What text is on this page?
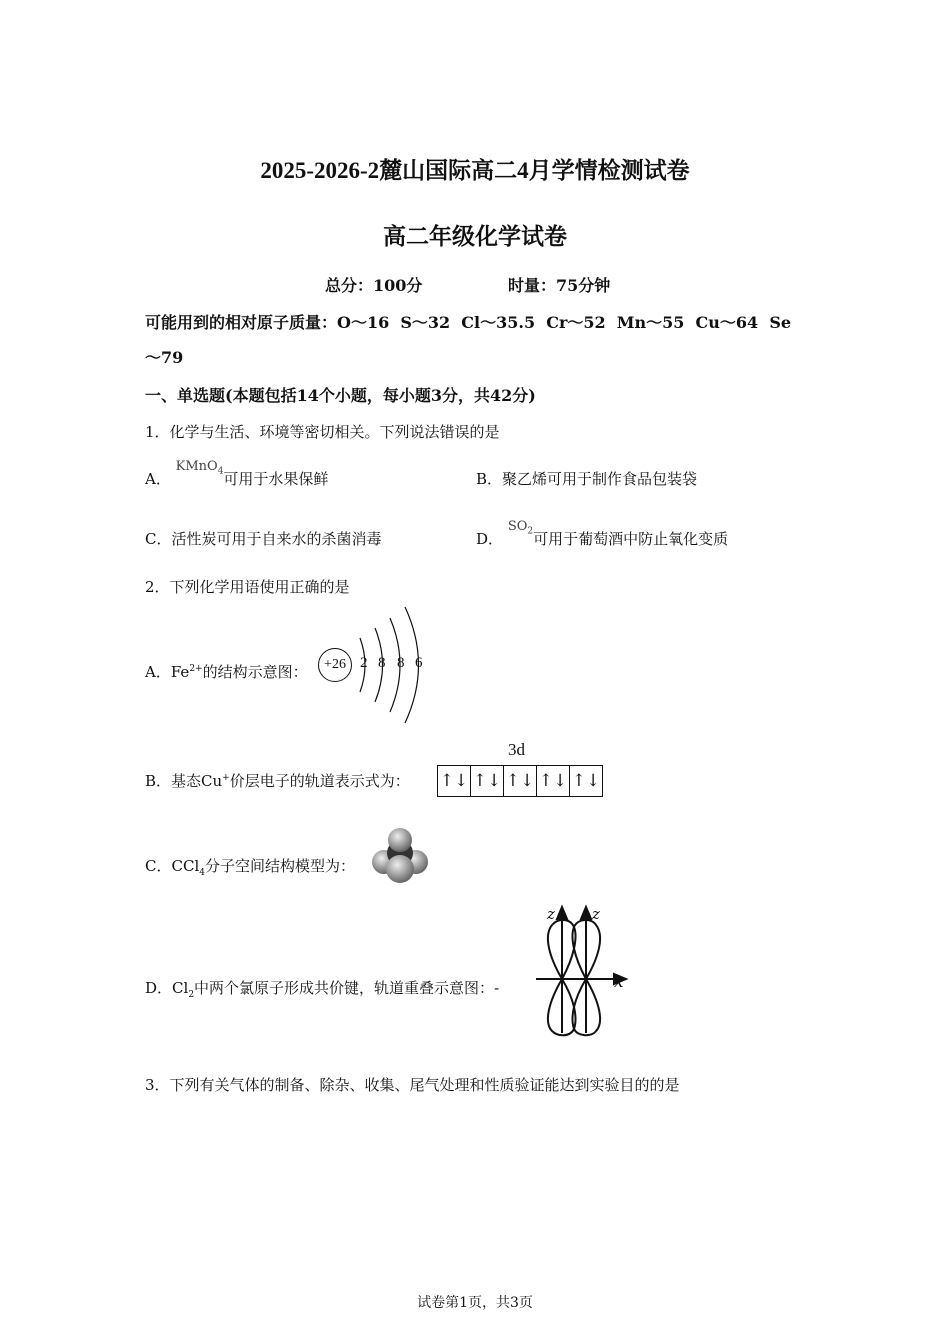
2025-2026-2麓山国际高二4月学情检测试卷
高二年级化学试卷
总分：100分	时量：75分钟
可能用到的相对原子质量：O～16  S～32  Cl～35.5  Cr～52  Mn～55  Cu～64  Se
～79
一、单选题(本题包括14个小题，每小题3分，共42分)
1．化学与生活、环境等密切相关。下列说法错误的是
A． KMnO$_4$可用于水果保鲜	B．聚乙烯可用于制作食品包装袋
C．活性炭可用于自来水的杀菌消毒	D． $SO_2$可用于葡萄酒中防止氧化变质
2．下列化学用语使用正确的是
A．$Fe^{2+}$的结构示意图：	+26 2 8 8 6
B．基态Cu+价层电子的轨道表示式为：
3d
↑↓ ↑↓ ↑↓ ↑↓ ↑↓
C．CCl$_4$分子空间结构模型为：
D．$Cl_2$中两个氯原子形成共价键，轨道重叠示意图：-
z z
x
3．下列有关气体的制备、除杂、收集、尾气处理和性质验证能达到实验目的的是
试卷第1页，共3页
